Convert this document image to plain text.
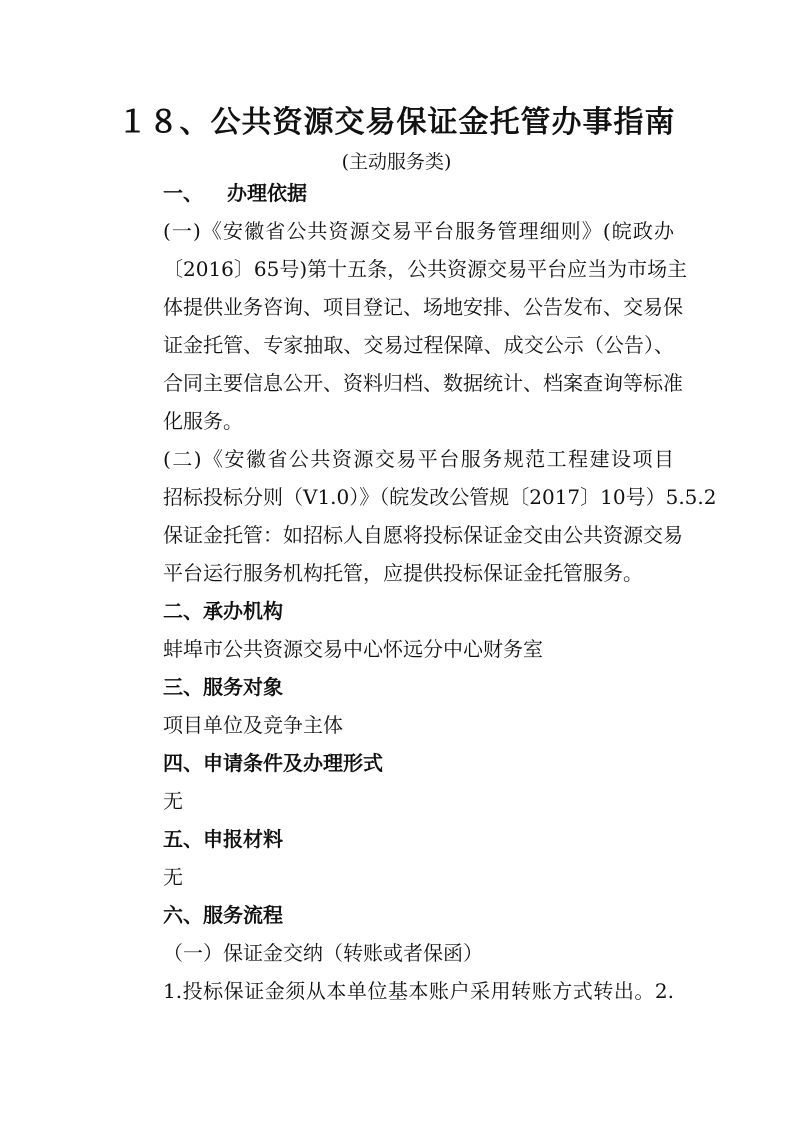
１８、公共资源交易保证金托管办事指南
(主动服务类)
一、 办理依据
(一)《安徽省公共资源交易平台服务管理细则》(皖政办
〔2016〕65号)第十五条，公共资源交易平台应当为市场主
体提供业务咨询、项目登记、场地安排、公告发布、交易保
证金托管、专家抽取、交易过程保障、成交公示（公告）、
合同主要信息公开、资料归档、数据统计、档案查询等标准
化服务。
(二)《安徽省公共资源交易平台服务规范工程建设项目
招标投标分则（V1.0）》（皖发改公管规〔2017〕10号）5.5.2
保证金托管：如招标人自愿将投标保证金交由公共资源交易
平台运行服务机构托管，应提供投标保证金托管服务。
二、承办机构
蚌埠市公共资源交易中心怀远分中心财务室
三、服务对象
项目单位及竞争主体
四、申请条件及办理形式
无
五、申报材料
无
六、服务流程
（一）保证金交纳（转账或者保函）
1.投标保证金须从本单位基本账户采用转账方式转出。2.
